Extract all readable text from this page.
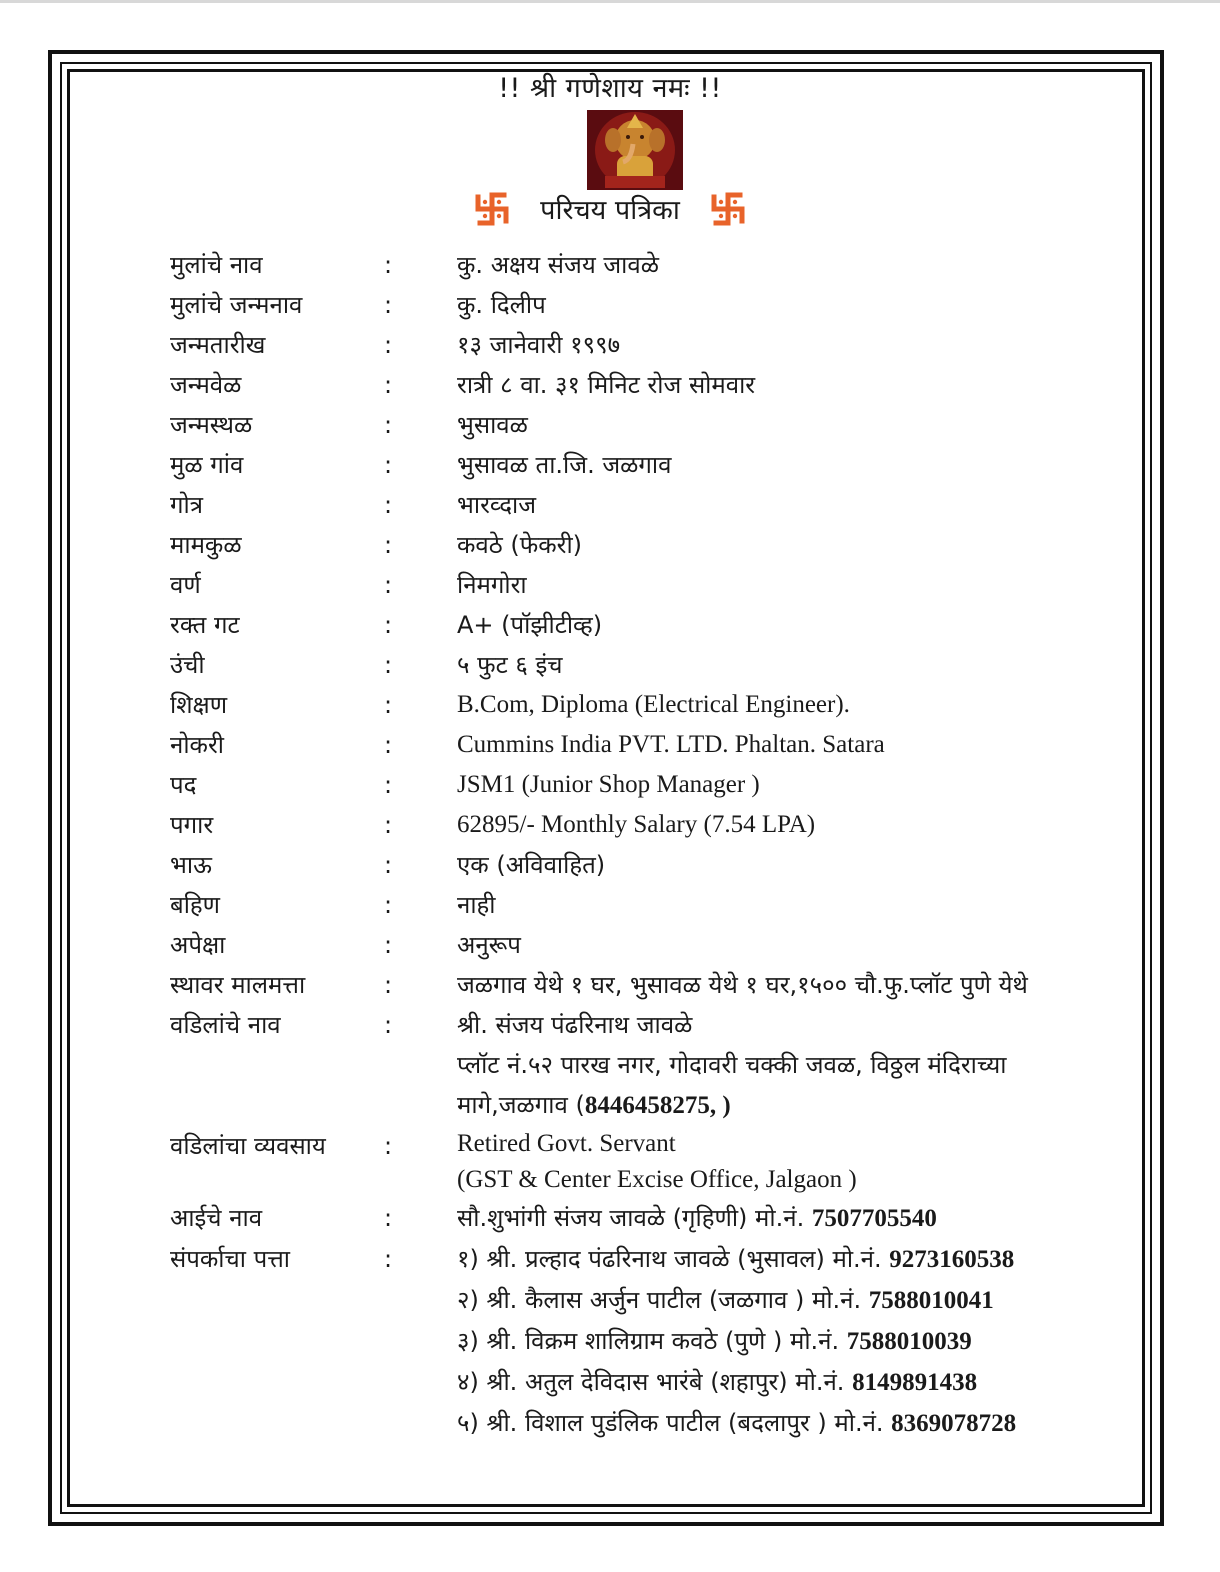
!! श्री गणेशाय नमः !!
परिचय पत्रिका
मुलांचे नाव	:	कु. अक्षय संजय जावळे
मुलांचे जन्मनाव	:	कु. दिलीप
जन्मतारीख	:	१३ जानेवारी १९९७
जन्मवेळ	:	रात्री ८ वा. ३१ मिनिट रोज सोमवार
जन्मस्थळ	:	भुसावळ
मुळ गांव	:	भुसावळ ता.जि. जळगाव
गोत्र	:	भारव्दाज
मामकुळ	:	कवठे (फेकरी)
वर्ण	:	निमगोरा
रक्त गट	:	A+ (पॉझीटीव्ह)
उंची	:	५ फुट ६ इंच
शिक्षण	:	B.Com, Diploma (Electrical Engineer).
नोकरी	:	Cummins India PVT. LTD. Phaltan. Satara
पद	:	JSM1 (Junior Shop Manager )
पगार	:	62895/- Monthly Salary (7.54 LPA)
भाऊ	:	एक (अविवाहित)
बहिण	:	नाही
अपेक्षा	:	अनुरूप
स्थावर मालमत्ता	:	जळगाव येथे १ घर, भुसावळ येथे १ घर,१५०० चौ.फु.प्लॉट पुणे येथे
वडिलांचे नाव	:	श्री. संजय पंढरिनाथ जावळे
प्लॉट नं.५२ पारख नगर, गोदावरी चक्की जवळ, विठ्ठल मंदिराच्या
मागे,जळगाव (8446458275, )
वडिलांचा व्यवसाय	:	Retired Govt. Servant
(GST & Center Excise Office, Jalgaon )
आईचे नाव	:	सौ.शुभांगी संजय जावळे (गृहिणी) मो.नं. 7507705540
संपर्काचा पत्ता	:	१) श्री. प्रल्हाद पंढरिनाथ जावळे (भुसावल) मो.नं. 9273160538
२) श्री. कैलास अर्जुन पाटील (जळगाव ) मो.नं. 7588010041
३) श्री. विक्रम शालिग्राम कवठे (पुणे ) मो.नं. 7588010039
४) श्री. अतुल देविदास भारंबे (शहापुर) मो.नं. 8149891438
५) श्री. विशाल पुडंलिक पाटील (बदलापुर ) मो.नं. 8369078728
